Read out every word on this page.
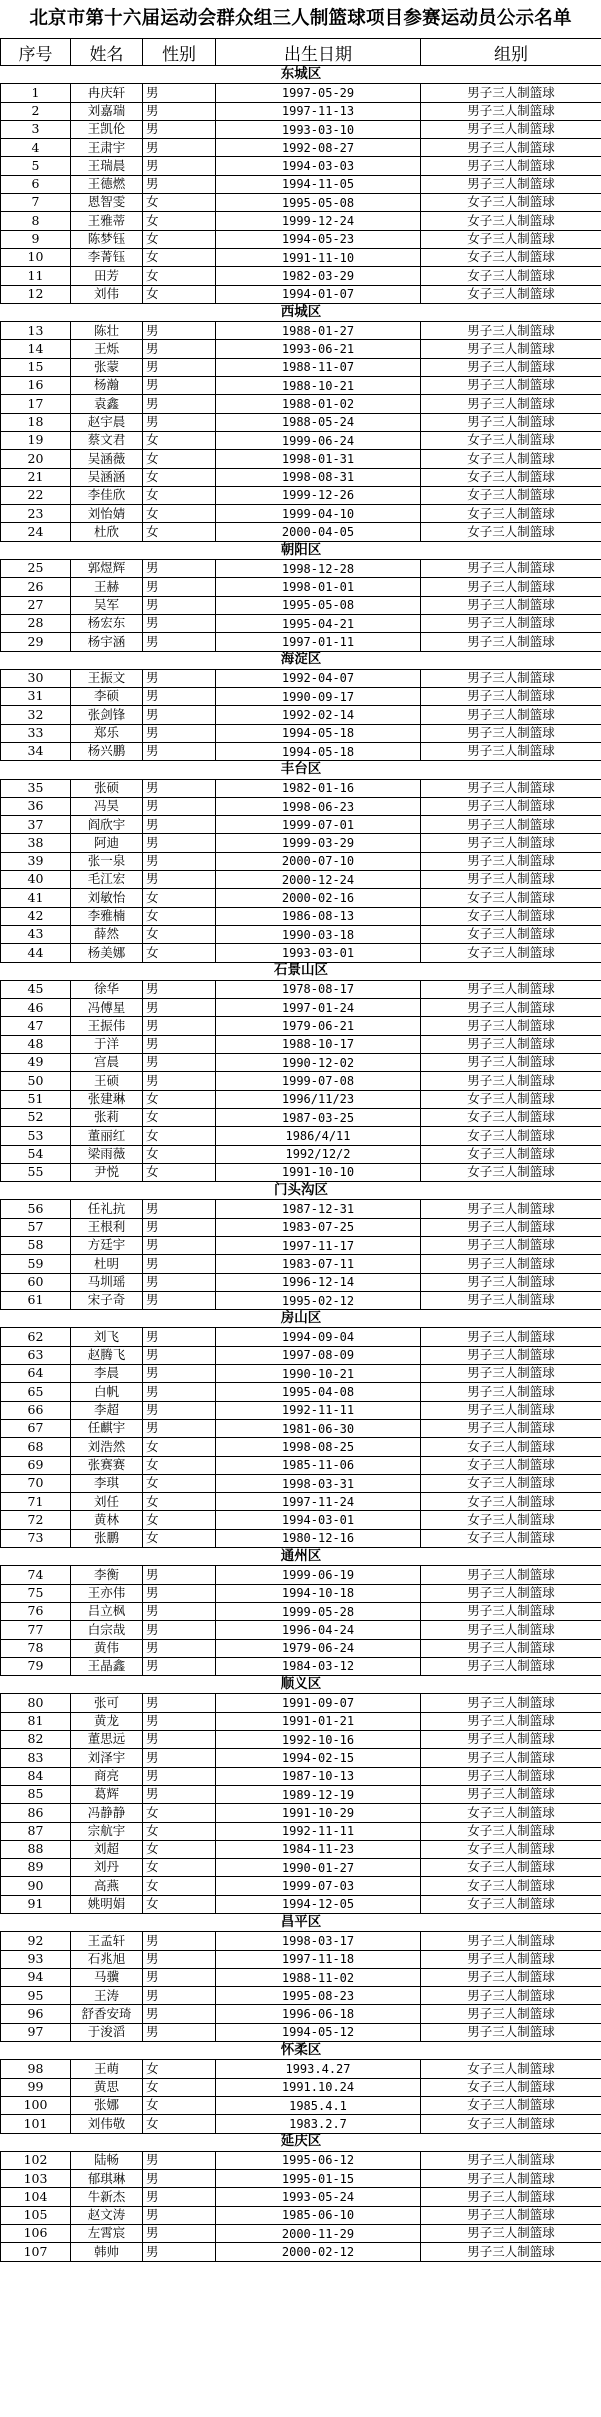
北京市第十六届运动会群众组三人制篮球项目参赛运动员公示名单
序号	姓名	性别	出生日期	组别
东城区				
1	冉庆轩	男	1997-05-29	男子三人制篮球
2	刘嘉瑞	男	1997-11-13	男子三人制篮球
3	王凯伦	男	1993-03-10	男子三人制篮球
4	王肃宇	男	1992-08-27	男子三人制篮球
5	王瑞晨	男	1994-03-03	男子三人制篮球
6	王德燃	男	1994-11-05	男子三人制篮球
7	恩智雯	女	1995-05-08	女子三人制篮球
8	王雅蒂	女	1999-12-24	女子三人制篮球
9	陈梦钰	女	1994-05-23	女子三人制篮球
10	李菁钰	女	1991-11-10	女子三人制篮球
11	田芳	女	1982-03-29	女子三人制篮球
12	刘伟	女	1994-01-07	女子三人制篮球
西城区				
13	陈壮	男	1988-01-27	男子三人制篮球
14	王烁	男	1993-06-21	男子三人制篮球
15	张蒙	男	1988-11-07	男子三人制篮球
16	杨瀚	男	1988-10-21	男子三人制篮球
17	袁鑫	男	1988-01-02	男子三人制篮球
18	赵宇晨	男	1988-05-24	男子三人制篮球
19	蔡文君	女	1999-06-24	女子三人制篮球
20	吴涵薇	女	1998-01-31	女子三人制篮球
21	吴涵涵	女	1998-08-31	女子三人制篮球
22	李佳欣	女	1999-12-26	女子三人制篮球
23	刘怡婧	女	1999-04-10	女子三人制篮球
24	杜欣	女	2000-04-05	女子三人制篮球
朝阳区				
25	郭煜辉	男	1998-12-28	男子三人制篮球
26	王赫	男	1998-01-01	男子三人制篮球
27	吴军	男	1995-05-08	男子三人制篮球
28	杨宏东	男	1995-04-21	男子三人制篮球
29	杨宇涵	男	1997-01-11	男子三人制篮球
海淀区				
30	王振文	男	1992-04-07	男子三人制篮球
31	李硕	男	1990-09-17	男子三人制篮球
32	张剑锋	男	1992-02-14	男子三人制篮球
33	郑乐	男	1994-05-18	男子三人制篮球
34	杨兴鹏	男	1994-05-18	男子三人制篮球
丰台区				
35	张硕	男	1982-01-16	男子三人制篮球
36	冯昊	男	1998-06-23	男子三人制篮球
37	阎欣宇	男	1999-07-01	男子三人制篮球
38	阿迪	男	1999-03-29	男子三人制篮球
39	张一泉	男	2000-07-10	男子三人制篮球
40	毛江宏	男	2000-12-24	男子三人制篮球
41	刘敏怡	女	2000-02-16	女子三人制篮球
42	李雅楠	女	1986-08-13	女子三人制篮球
43	薛然	女	1990-03-18	女子三人制篮球
44	杨美娜	女	1993-03-01	女子三人制篮球
石景山区				
45	徐华	男	1978-08-17	男子三人制篮球
46	冯傅星	男	1997-01-24	男子三人制篮球
47	王振伟	男	1979-06-21	男子三人制篮球
48	于洋	男	1988-10-17	男子三人制篮球
49	宫晨	男	1990-12-02	男子三人制篮球
50	王硕	男	1999-07-08	男子三人制篮球
51	张建琳	女	1996/11/23	女子三人制篮球
52	张莉	女	1987-03-25	女子三人制篮球
53	董丽红	女	1986/4/11	女子三人制篮球
54	梁雨薇	女	1992/12/2	女子三人制篮球
55	尹悦	女	1991-10-10	女子三人制篮球
门头沟区				
56	任礼抗	男	1987-12-31	男子三人制篮球
57	王根利	男	1983-07-25	男子三人制篮球
58	方廷宇	男	1997-11-17	男子三人制篮球
59	杜明	男	1983-07-11	男子三人制篮球
60	马圳瑶	男	1996-12-14	男子三人制篮球
61	宋子奇	男	1995-02-12	男子三人制篮球
房山区				
62	刘飞	男	1994-09-04	男子三人制篮球
63	赵腾飞	男	1997-08-09	男子三人制篮球
64	李晨	男	1990-10-21	男子三人制篮球
65	白帆	男	1995-04-08	男子三人制篮球
66	李超	男	1992-11-11	男子三人制篮球
67	任麒宇	男	1981-06-30	男子三人制篮球
68	刘浩然	女	1998-08-25	女子三人制篮球
69	张赛赛	女	1985-11-06	女子三人制篮球
70	李琪	女	1998-03-31	女子三人制篮球
71	刘任	女	1997-11-24	女子三人制篮球
72	黄林	女	1994-03-01	女子三人制篮球
73	张鹏	女	1980-12-16	女子三人制篮球
通州区				
74	李衡	男	1999-06-19	男子三人制篮球
75	王亦伟	男	1994-10-18	男子三人制篮球
76	吕立枫	男	1999-05-28	男子三人制篮球
77	白宗哉	男	1996-04-24	男子三人制篮球
78	黄伟	男	1979-06-24	男子三人制篮球
79	王晶鑫	男	1984-03-12	男子三人制篮球
顺义区				
80	张可	男	1991-09-07	男子三人制篮球
81	黄龙	男	1991-01-21	男子三人制篮球
82	董思远	男	1992-10-16	男子三人制篮球
83	刘泽宇	男	1994-02-15	男子三人制篮球
84	商亮	男	1987-10-13	男子三人制篮球
85	葛辉	男	1989-12-19	男子三人制篮球
86	冯静静	女	1991-10-29	女子三人制篮球
87	宗航宇	女	1992-11-11	女子三人制篮球
88	刘超	女	1984-11-23	女子三人制篮球
89	刘丹	女	1990-01-27	女子三人制篮球
90	高燕	女	1999-07-03	女子三人制篮球
91	姚明娟	女	1994-12-05	女子三人制篮球
昌平区				
92	王孟轩	男	1998-03-17	男子三人制篮球
93	石兆旭	男	1997-11-18	男子三人制篮球
94	马骥	男	1988-11-02	男子三人制篮球
95	王涛	男	1995-08-23	男子三人制篮球
96	舒香安琦	男	1996-06-18	男子三人制篮球
97	于浚滔	男	1994-05-12	男子三人制篮球
怀柔区				
98	王萌	女	1993.4.27	女子三人制篮球
99	黄思	女	1991.10.24	女子三人制篮球
100	张娜	女	1985.4.1	女子三人制篮球
101	刘伟敬	女	1983.2.7	女子三人制篮球
延庆区				
102	陆畅	男	1995-06-12	男子三人制篮球
103	郁琪琳	男	1995-01-15	男子三人制篮球
104	牛新杰	男	1993-05-24	男子三人制篮球
105	赵文涛	男	1985-06-10	男子三人制篮球
106	左霄宸	男	2000-11-29	男子三人制篮球
107	韩帅	男	2000-02-12	男子三人制篮球
